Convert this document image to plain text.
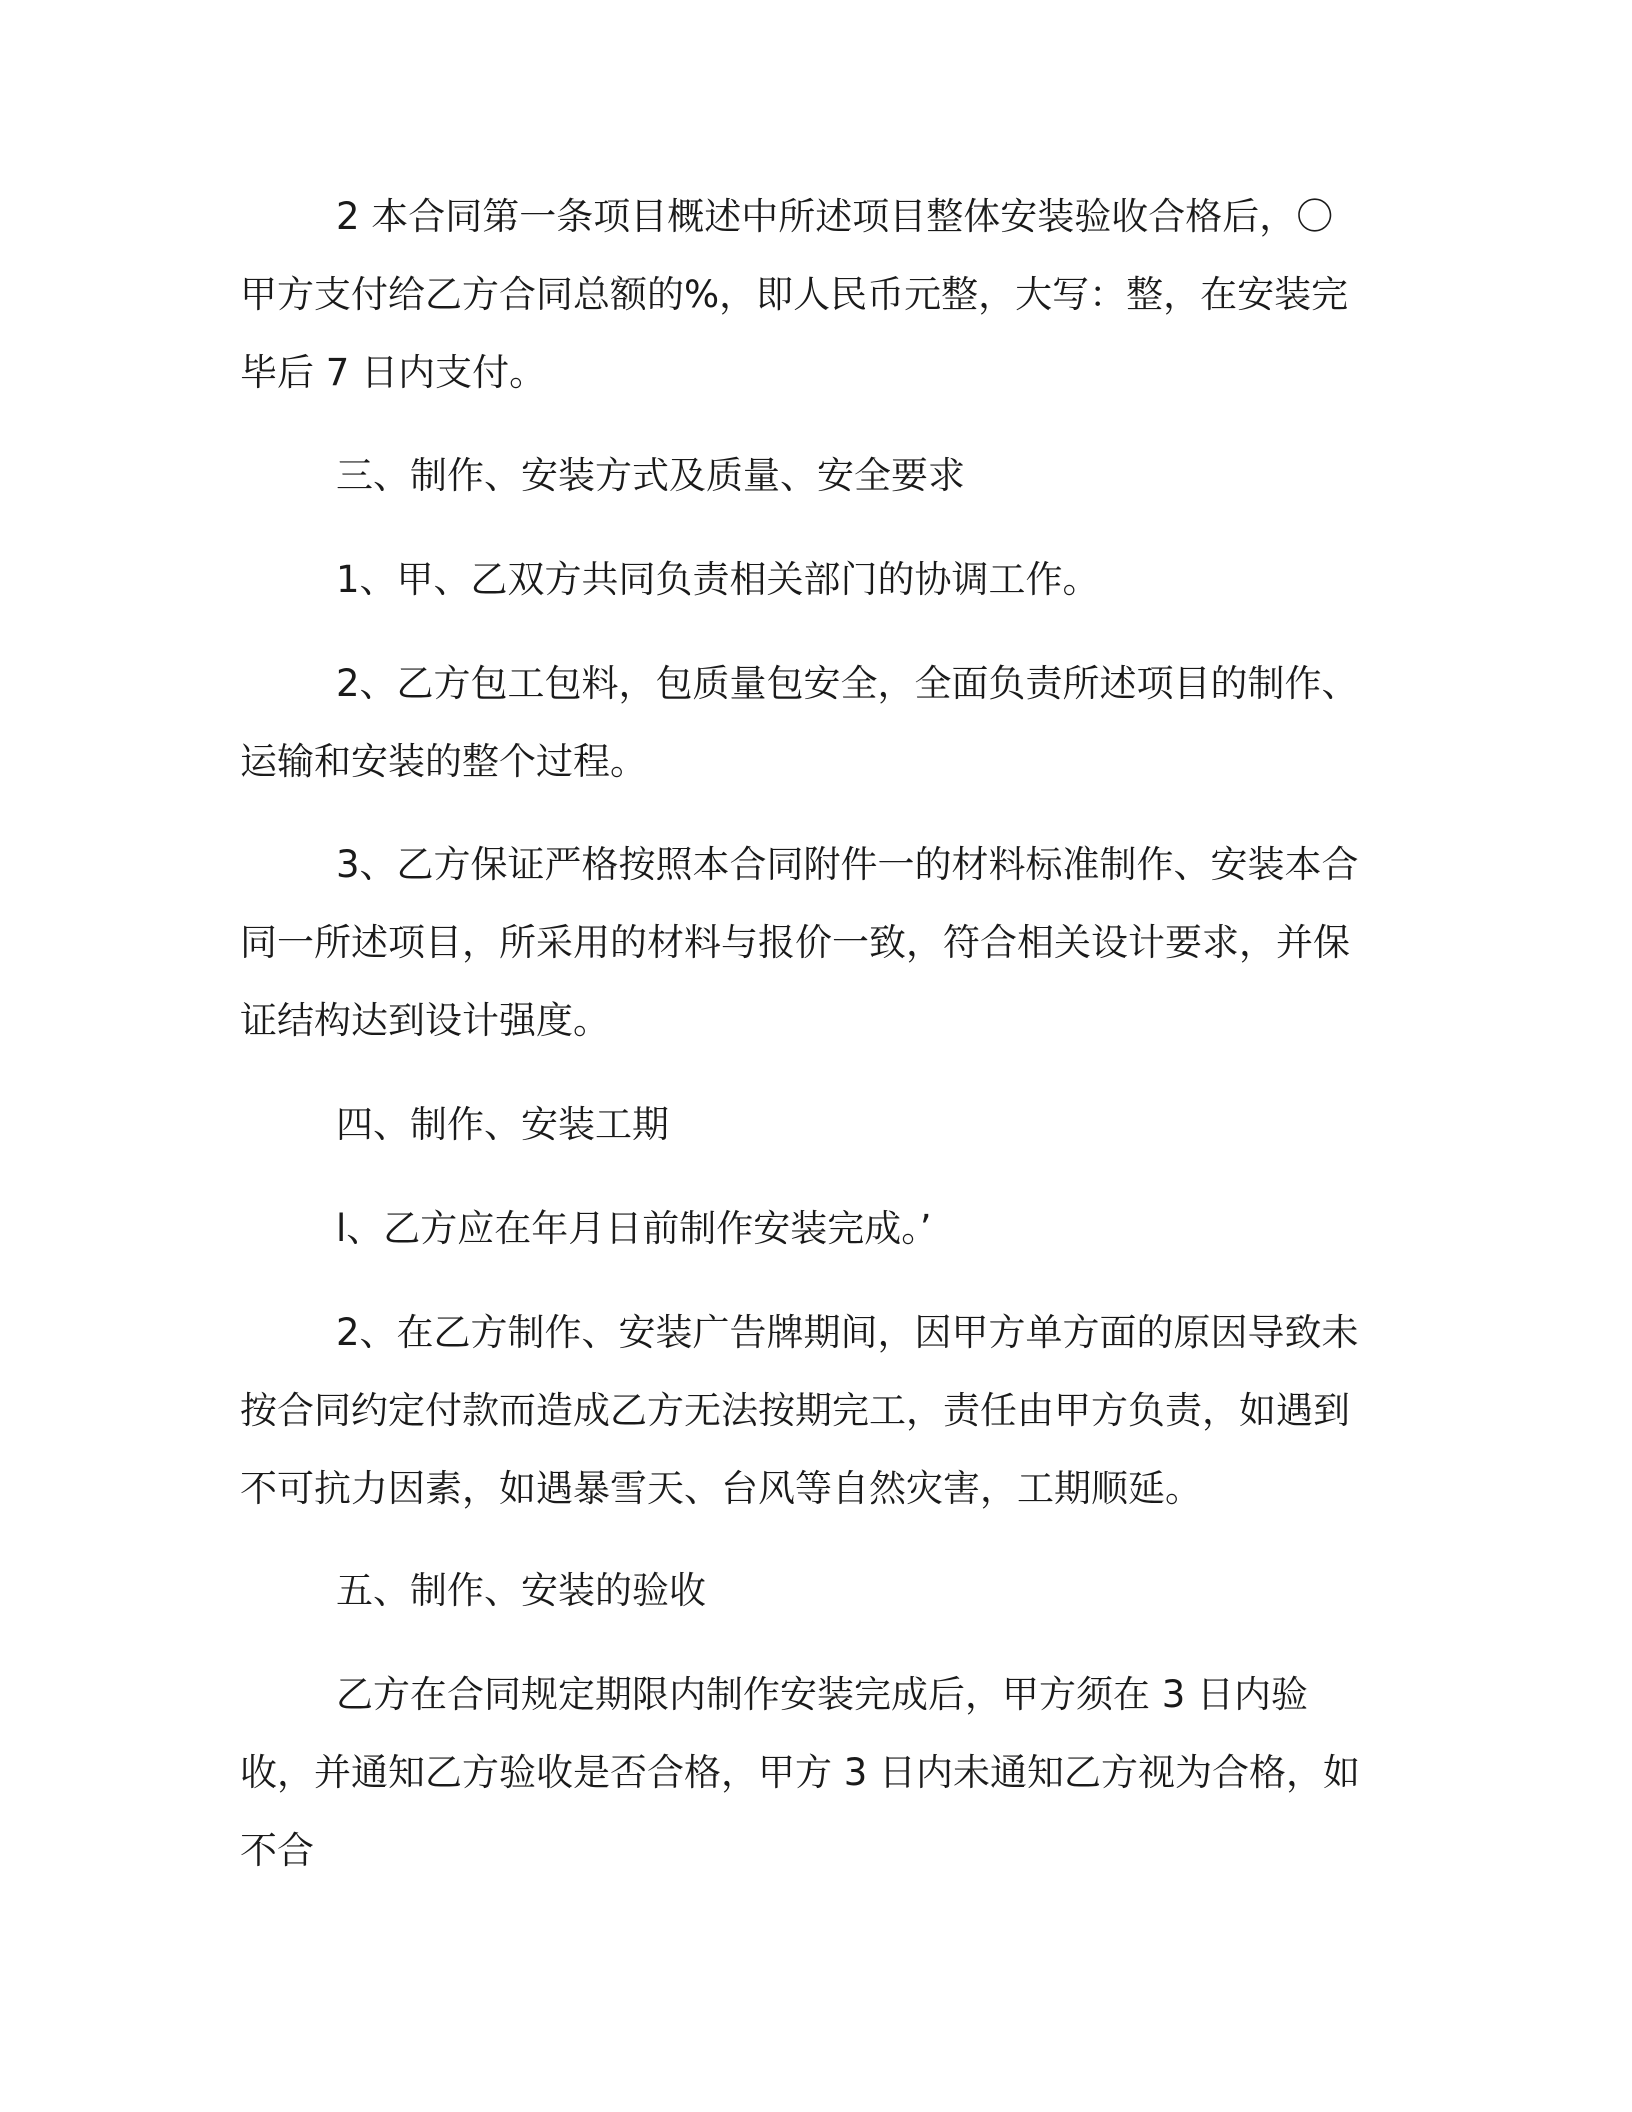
2 本合同第一条项目概述中所述项目整体安装验收合格后，〇甲方支付给乙方合同总额的%，即人民币元整，大写：整，在安装完毕后 7 日内支付。

三、制作、安装方式及质量、安全要求

1、甲、乙双方共同负责相关部门的协调工作。

2、乙方包工包料，包质量包安全，全面负责所述项目的制作、运输和安装的整个过程。

3、乙方保证严格按照本合同附件一的材料标准制作、安装本合同一所述项目，所采用的材料与报价一致，符合相关设计要求，并保证结构达到设计强度。

四、制作、安装工期

l、乙方应在年月日前制作安装完成。’

2、在乙方制作、安装广告牌期间，因甲方单方面的原因导致未按合同约定付款而造成乙方无法按期完工，责任由甲方负责，如遇到不可抗力因素，如遇暴雪天、台风等自然灾害，工期顺延。

五、制作、安装的验收

乙方在合同规定期限内制作安装完成后，甲方须在 3 日内验收，并通知乙方验收是否合格，甲方 3 日内未通知乙方视为合格，如不合
